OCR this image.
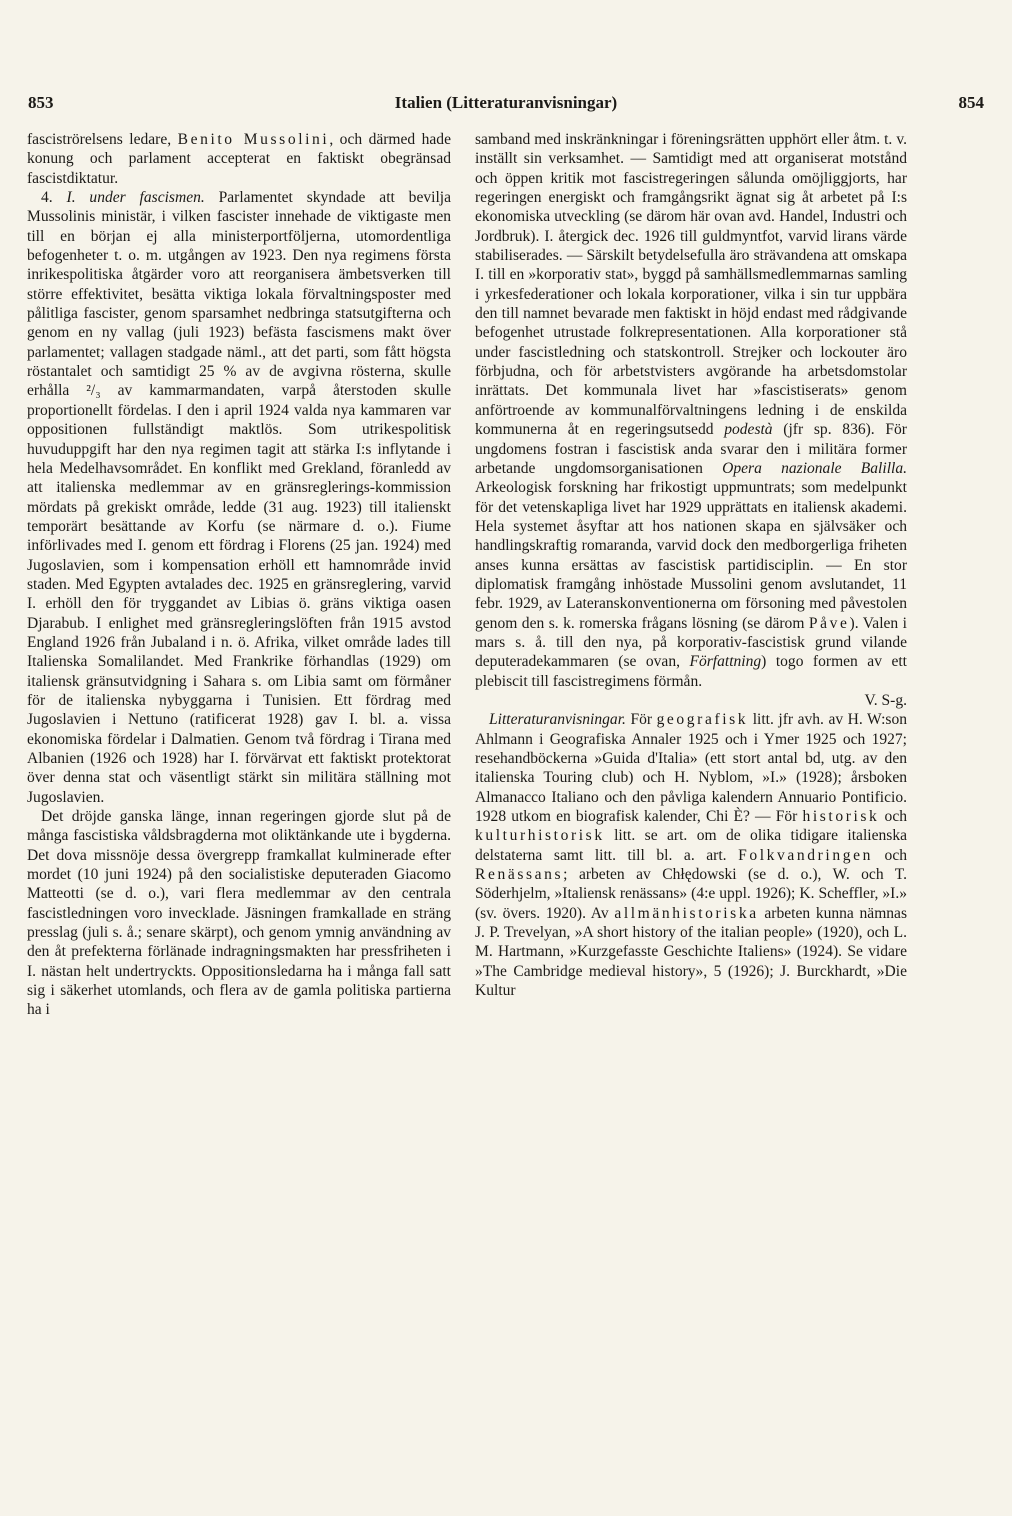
853	Italien (Litteraturanvisningar)	854

fasciströrelsens ledare, Benito Mussolini, och därmed hade konung och parlament accepterat en faktiskt obegränsad fascistdiktatur.

4. I. under fascismen. Parlamentet skyndade att bevilja Mussolinis ministär, i vilken fascister innehade de viktigaste men till en början ej alla ministerportföljerna, utomordentliga befogenheter t. o. m. utgången av 1923. Den nya regimens första inrikespolitiska åtgärder voro att reorganisera ämbetsverken till större effektivitet, besätta viktiga lokala förvaltningsposter med pålitliga fascister, genom sparsamhet nedbringa statsutgifterna och genom en ny vallag (juli 1923) befästa fascismens makt över parlamentet; vallagen stadgade näml., att det parti, som fått högsta röstantalet och samtidigt 25 % av de avgivna rösterna, skulle erhålla ²/₃ av kammarmandaten, varpå återstoden skulle proportionellt fördelas. I den i april 1924 valda nya kammaren var oppositionen fullständigt maktlös. Som utrikespolitisk huvuduppgift har den nya regimen tagit att stärka I:s inflytande i hela Medelhavsområdet. En konflikt med Grekland, föranledd av att italienska medlemmar av en gränsreglerings-kommission mördats på grekiskt område, ledde (31 aug. 1923) till italienskt temporärt besättande av Korfu (se närmare d. o.). Fiume införlivades med I. genom ett fördrag i Florens (25 jan. 1924) med Jugoslavien, som i kompensation erhöll ett hamnområde invid staden. Med Egypten avtalades dec. 1925 en gränsreglering, varvid I. erhöll den för tryggandet av Libias ö. gräns viktiga oasen Djarabub. I enlighet med gränsregleringslöften från 1915 avstod England 1926 från Jubaland i n. ö. Afrika, vilket område lades till Italienska Somalilandet. Med Frankrike förhandlas (1929) om italiensk gränsutvidgning i Sahara s. om Libia samt om förmåner för de italienska nybyggarna i Tunisien. Ett fördrag med Jugoslavien i Nettuno (ratificerat 1928) gav I. bl. a. vissa ekonomiska fördelar i Dalmatien. Genom två fördrag i Tirana med Albanien (1926 och 1928) har I. förvärvat ett faktiskt protektorat över denna stat och väsentligt stärkt sin militära ställning mot Jugoslavien.

Det dröjde ganska länge, innan regeringen gjorde slut på de många fascistiska våldsbragderna mot oliktänkande ute i bygderna. Det dova missnöje dessa övergrepp framkallat kulminerade efter mordet (10 juni 1924) på den socialistiske deputeraden Giacomo Matteotti (se d. o.), vari flera medlemmar av den centrala fascistledningen voro invecklade. Jäsningen framkallade en sträng presslag (juli s. å.; senare skärpt), och genom ymnig användning av den åt prefekterna förlänade indragningsmakten har pressfriheten i I. nästan helt undertryckts. Oppositionsledarna ha i många fall satt sig i säkerhet utomlands, och flera av de gamla politiska partierna ha i

samband med inskränkningar i föreningsrätten upphört eller åtm. t. v. inställt sin verksamhet. — Samtidigt med att organiserat motstånd och öppen kritik mot fascistregeringen sålunda omöjliggjorts, har regeringen energiskt och framgångsrikt ägnat sig åt arbetet på I:s ekonomiska utveckling (se därom här ovan avd. Handel, Industri och Jordbruk). I. återgick dec. 1926 till guldmyntfot, varvid lirans värde stabiliserades. — Särskilt betydelsefulla äro strävandena att omskapa I. till en »korporativ stat», byggd på samhällsmedlemmarnas samling i yrkesfederationer och lokala korporationer, vilka i sin tur uppbära den till namnet bevarade men faktiskt in höjd endast med rådgivande befogenhet utrustade folkrepresentationen. Alla korporationer stå under fascistledning och statskontroll. Strejker och lockouter äro förbjudna, och för arbetstvisters avgörande ha arbetsdomstolar inrättats. Det kommunala livet har »fascistiserats» genom anförtroende av kommunalförvaltningens ledning i de enskilda kommunerna åt en regeringsutsedd podestà (jfr sp. 836). För ungdomens fostran i fascistisk anda svarar den i militära former arbetande ungdomsorganisationen Opera nazionale Balilla. Arkeologisk forskning har frikostigt uppmuntrats; som medelpunkt för det vetenskapliga livet har 1929 upprättats en italiensk akademi. Hela systemet åsyftar att hos nationen skapa en självsäker och handlingskraftig romaranda, varvid dock den medborgerliga friheten anses kunna ersättas av fascistisk partidisciplin. — En stor diplomatisk framgång inhöstade Mussolini genom avslutandet, 11 febr. 1929, av Lateranskonventionerna om försoning med påvestolen genom den s. k. romerska frågans lösning (se därom Påve). Valen i mars s. å. till den nya, på korporativ-fascistisk grund vilande deputeradekammaren (se ovan, Författning) togo formen av ett plebiscit till fascistregimens förmån.
V. S-g.

Litteraturanvisningar. För geografisk litt. jfr avh. av H. W:son Ahlmann i Geografiska Annaler 1925 och i Ymer 1925 och 1927; resehandböckerna »Guida d'Italia» (ett stort antal bd, utg. av den italienska Touring club) och H. Nyblom, »I.» (1928); årsboken Almanacco Italiano och den påvliga kalendern Annuario Pontificio. 1928 utkom en biografisk kalender, Chi È? — För historisk och kulturhistorisk litt. se art. om de olika tidigare italienska delstaterna samt litt. till bl. a. art. Folkvandringen och Renässans; arbeten av Chłędowski (se d. o.), W. och T. Söderhjelm, »Italiensk renässans» (4:e uppl. 1926); K. Scheffler, »I.» (sv. övers. 1920). Av allmänhistoriska arbeten kunna nämnas J. P. Trevelyan, »A short history of the italian people» (1920), och L. M. Hartmann, »Kurzgefasste Geschichte Italiens» (1924). Se vidare »The Cambridge medieval history», 5 (1926); J. Burckhardt, »Die Kultur
